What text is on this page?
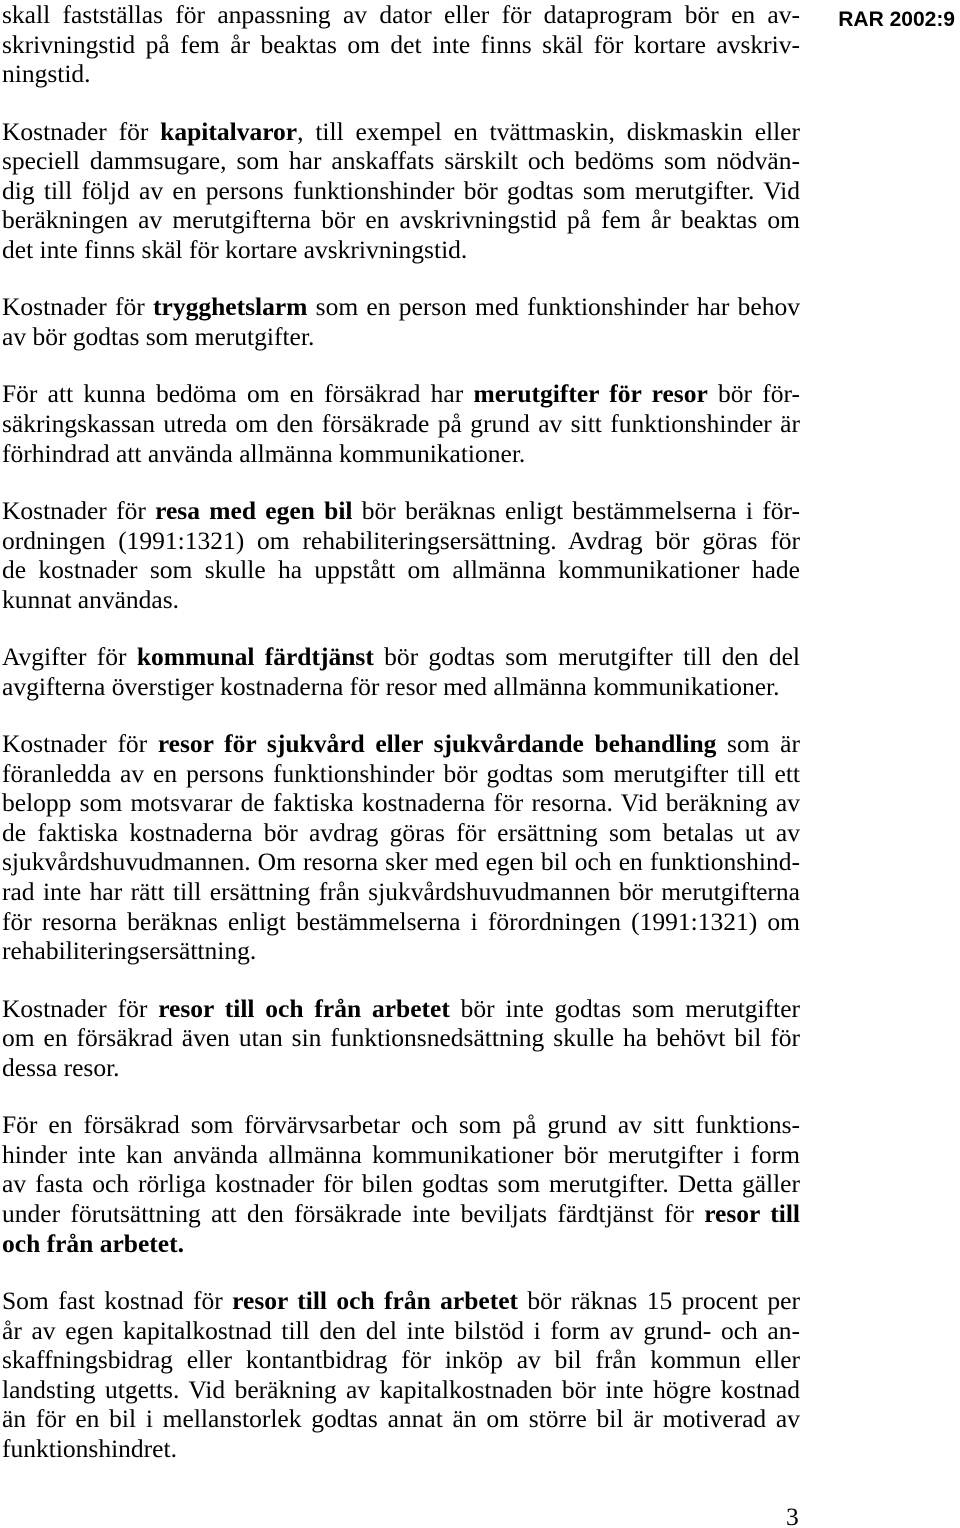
RAR 2002:9
skall fastställas för anpassning av dator eller för dataprogram bör en av-
skrivningstid på fem år beaktas om det inte finns skäl för kortare avskriv-
ningstid.
Kostnader för kapitalvaror, till exempel en tvättmaskin, diskmaskin eller
speciell dammsugare, som har anskaffats särskilt och bedöms som nödvän-
dig till följd av en persons funktionshinder bör godtas som merutgifter. Vid
beräkningen av merutgifterna bör en avskrivningstid på fem år beaktas om
det inte finns skäl för kortare avskrivningstid.
Kostnader för trygghetslarm som en person med funktionshinder har behov
av bör godtas som merutgifter.
För att kunna bedöma om en försäkrad har merutgifter för resor bör för-
säkringskassan utreda om den försäkrade på grund av sitt funktionshinder är
förhindrad att använda allmänna kommunikationer.
Kostnader för resa med egen bil bör beräknas enligt bestämmelserna i för-
ordningen (1991:1321) om rehabiliteringsersättning. Avdrag bör göras för
de kostnader som skulle ha uppstått om allmänna kommunikationer hade
kunnat användas.
Avgifter för kommunal färdtjänst bör godtas som merutgifter till den del
avgifterna överstiger kostnaderna för resor med allmänna kommunikationer.
Kostnader för resor för sjukvård eller sjukvårdande behandling som är
föranledda av en persons funktionshinder bör godtas som merutgifter till ett
belopp som motsvarar de faktiska kostnaderna för resorna. Vid beräkning av
de faktiska kostnaderna bör avdrag göras för ersättning som betalas ut av
sjukvårdshuvudmannen. Om resorna sker med egen bil och en funktionshind-
rad inte har rätt till ersättning från sjukvårdshuvudmannen bör merutgifterna
för resorna beräknas enligt bestämmelserna i förordningen (1991:1321) om
rehabiliteringsersättning.
Kostnader för resor till och från arbetet bör inte godtas som merutgifter
om en försäkrad även utan sin funktionsnedsättning skulle ha behövt bil för
dessa resor.
För en försäkrad som förvärvsarbetar och som på grund av sitt funktions-
hinder inte kan använda allmänna kommunikationer bör merutgifter i form
av fasta och rörliga kostnader för bilen godtas som merutgifter. Detta gäller
under förutsättning att den försäkrade inte beviljats färdtjänst för resor till
och från arbetet.
Som fast kostnad för resor till och från arbetet bör räknas 15 procent per
år av egen kapitalkostnad till den del inte bilstöd i form av grund- och an-
skaffningsbidrag eller kontantbidrag för inköp av bil från kommun eller
landsting utgetts. Vid beräkning av kapitalkostnaden bör inte högre kostnad
än för en bil i mellanstorlek godtas annat än om större bil är motiverad av
funktionshindret.
3
